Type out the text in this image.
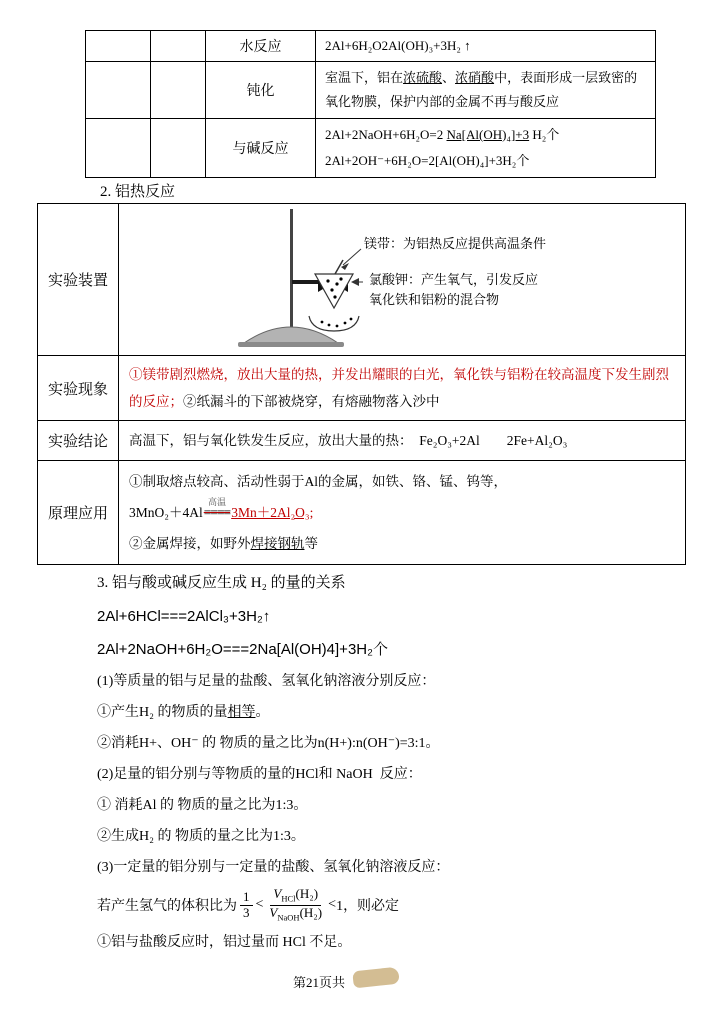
		水反应	2Al+6H₂O2Al(OH)₃+3H₂ ↑
		钝化	室温下，铝在浓硫酸、浓硝酸中，表面形成一层致密的氧化物膜，保护内部的金属不再与酸反应
		与碱反应	2Al+2NaOH+6H₂O=2 Na[Al(OH)₄]+3 H₂个
2Al+2OH⁻+6H₂O=2[Al(OH)₄]+3H₂个
2. 铝热反应
实验装置	镁带：为铝热反应提供高温条件
氯酸钾：产生氧气，引发反应
氧化铁和铝粉的混合物

实验现象	①镁带剧烈燃烧，放出大量的热，并发出耀眼的白光，氧化铁与铝粉在较高温度下发生剧烈的反应；②纸漏斗的下部被烧穿，有熔融物落入沙中
实验结论	高温下，铝与氧化铁发生反应，放出大量的热：　Fe₂O₃+2Al　　2Fe+Al₂O₃
原理应用	①制取熔点较高、活动性弱于Al的金属，如铁、铬、锰、钨等，
3MnO₂＋4Al
高温
====3Mn＋2Al₂O₃;
②金属焊接，如野外焊接钢轨等
3. 铝与酸或碱反应生成 H₂ 的量的关系
2Al+6HCl===2AlCl₃+3H₂↑
2Al+2NaOH+6H₂O===2Na[Al(OH)4]+3H₂个
(1)等质量的铝与足量的盐酸、氢氧化钠溶液分别反应：
①产生H₂ 的物质的量相等。
②消耗H+、OH⁻ 的 物质的量之比为n(H+):n(OH⁻)=3:1。
(2)足量的铝分别与等物质的量的HCl和 NaOH  反应：
① 消耗Al 的 物质的量之比为1:3。
②生成H₂ 的 物质的量之比为1:3。
(3)一定量的铝分别与一定量的盐酸、氢氧化钠溶液反应：
若产生氢气的体积比为 $\frac{1}{3} < \frac{V_{HCl}(H_2)}{V_{NaOH}(H_2)} < 1$，则必定
①铝与盐酸反应时，铝过量而 HCl 不足。
第21页共
